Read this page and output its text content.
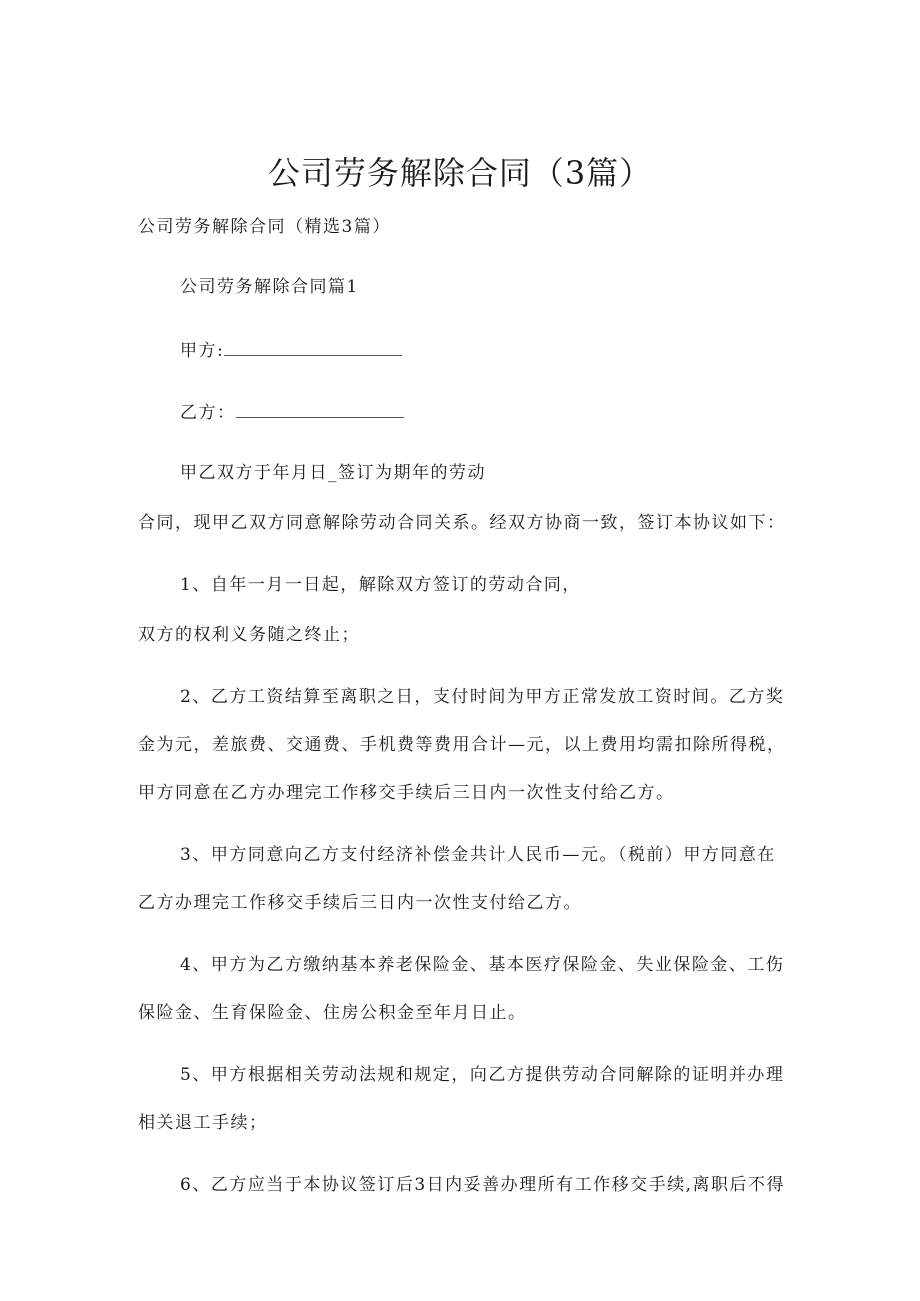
公司劳务解除合同（3篇）
公司劳务解除合同（精选3篇）
公司劳务解除合同篇1
甲方:
乙方：
甲乙双方于年月日_签订为期年的劳动
合同，现甲乙双方同意解除劳动合同关系。经双方协商一致，签订本协议如下：
1、自年一月一日起，解除双方签订的劳动合同，
双方的权利义务随之终止；
2、乙方工资结算至离职之日，支付时间为甲方正常发放工资时间。乙方奖
金为元，差旅费、交通费、手机费等费用合计—元，以上费用均需扣除所得税，
甲方同意在乙方办理完工作移交手续后三日内一次性支付给乙方。
3、甲方同意向乙方支付经济补偿金共计人民币—元。（税前）甲方同意在
乙方办理完工作移交手续后三日内一次性支付给乙方。
4、甲方为乙方缴纳基本养老保险金、基本医疗保险金、失业保险金、工伤
保险金、生育保险金、住房公积金至年月日止。
5、甲方根据相关劳动法规和规定，向乙方提供劳动合同解除的证明并办理
相关退工手续；
6、乙方应当于本协议签订后3日内妥善办理所有工作移交手续,离职后不得
